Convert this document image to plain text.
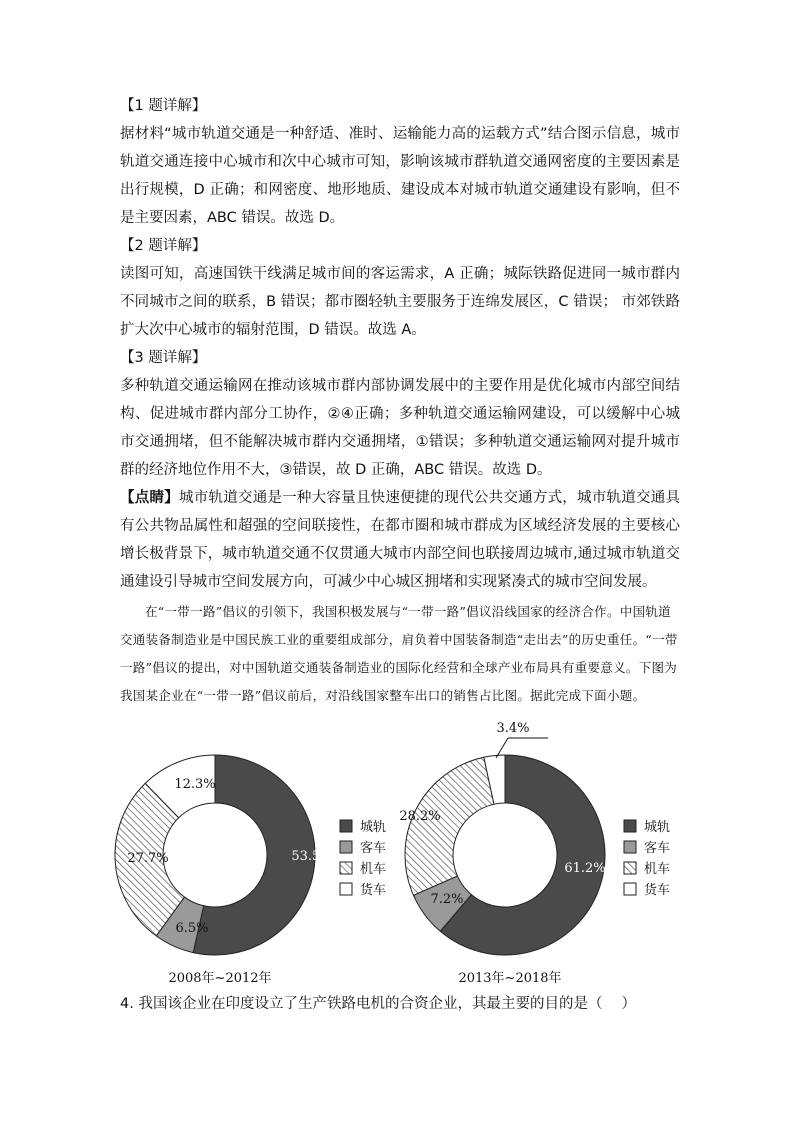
【1 题详解】

据材料“城市轨道交通是一种舒适、准时、运输能力高的运载方式”结合图示信息，城市轨道交通连接中心城市和次中心城市可知，影响该城市群轨道交通网密度的主要因素是出行规模，D 正确；和网密度、地形地质、建设成本对城市轨道交通建设有影响，但不是主要因素，ABC 错误。故选 D。

【2 题详解】

读图可知，高速国铁干线满足城市间的客运需求，A 正确；城际铁路促进同一城市群内不同城市之间的联系，B 错误；都市圈轻轨主要服务于连绵发展区，C 错误； 市郊铁路扩大次中心城市的辐射范围，D 错误。故选 A。

【3 题详解】

多种轨道交通运输网在推动该城市群内部协调发展中的主要作用是优化城市内部空间结构、促进城市群内部分工协作，②④正确；多种轨道交通运输网建设，可以缓解中心城市交通拥堵，但不能解决城市群内交通拥堵，①错误；多种轨道交通运输网对提升城市群的经济地位作用不大，③错误，故 D 正确，ABC 错误。故选 D。

【点睛】城市轨道交通是一种大容量且快速便捷的现代公共交通方式，城市轨道交通具有公共物品属性和超强的空间联接性，在都市圈和城市群成为区域经济发展的主要核心增长极背景下，城市轨道交通不仅贯通大城市内部空间也联接周边城市,通过城市轨道交通建设引导城市空间发展方向，可减少中心城区拥堵和实现紧凑式的城市空间发展。

在“一带一路”倡议的引领下，我国积极发展与“一带一路”倡议沿线国家的经济合作。中国轨道交通装备制造业是中国民族工业的重要组成部分，肩负着中国装备制造“走出去”的历史重任。“一带一路”倡议的提出，对中国轨道交通装备制造业的国际化经营和全球产业布局具有重要意义。下图为我国某企业在“一带一路”倡议前后，对沿线国家整车出口的销售占比图。据此完成下面小题。

53.5%
6.5%
27.7%
12.3%
2008年~2012年
城轨
客车
机车
货车
61.2%
7.2%
28.2%
3.4%
2013年~2018年
城轨
客车
机车
货车
4. 我国该企业在印度设立了生产铁路电机的合资企业，其最主要的目的是（　 ）
